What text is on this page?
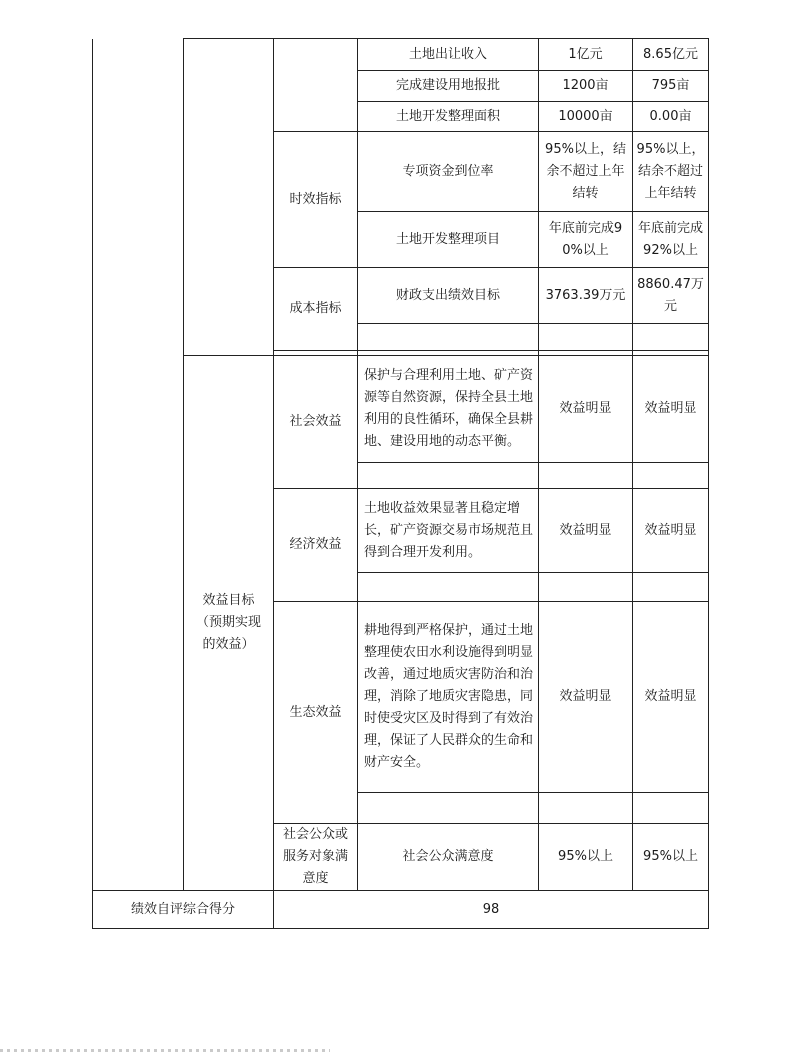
			土地出让收入	1亿元	8.65亿元
			完成建设用地报批	1200亩	795亩
			土地开发整理面积	10000亩	0.00亩
		时效指标	专项资金到位率	95%以上，结余不超过上年结转	95%以上，结余不超过上年结转
			土地开发整理项目	年底前完成90%以上	年底前完成92%以上
		成本指标	财政支出绩效目标	3763.39万元	8860.47万元

	效益目标（预期实现的效益）	社会效益	保护与合理利用土地、矿产资源等自然资源，保持全县土地利用的良性循环，确保全县耕地、建设用地的动态平衡。	效益明显	效益明显

		经济效益	土地收益效果显著且稳定增长，矿产资源交易市场规范且得到合理开发利用。	效益明显	效益明显

		生态效益	耕地得到严格保护，通过土地整理使农田水利设施得到明显改善，通过地质灾害防治和治理，消除了地质灾害隐患，同时使受灾区及时得到了有效治理，保证了人民群众的生命和财产安全。	效益明显	效益明显

		社会公众或服务对象满意度	社会公众满意度	95%以上	95%以上
绩效自评综合得分		98			
